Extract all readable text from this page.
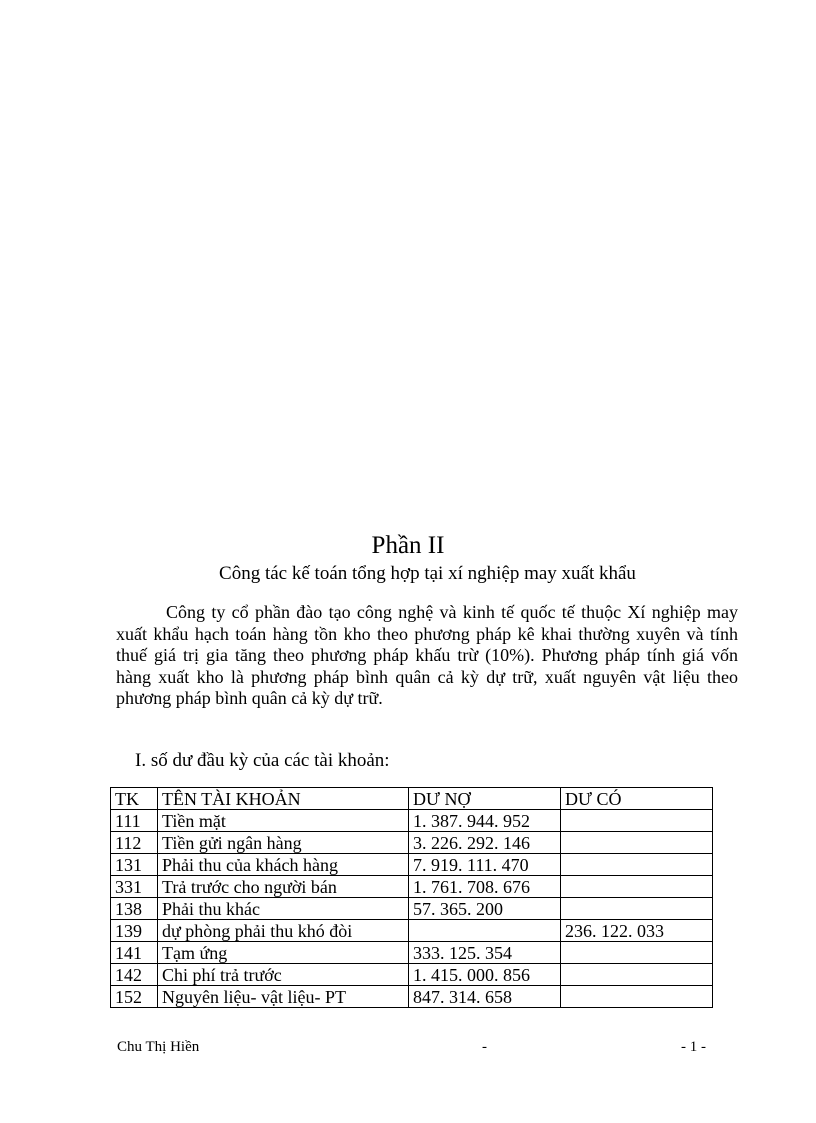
Phần II
Công tác kế toán tổng hợp tại xí nghiệp may xuất khẩu

Công ty cổ phần đào tạo công nghệ và kinh tế quốc tế thuộc Xí nghiệp may xuất khẩu hạch toán hàng tồn kho theo phương pháp kê khai thường xuyên và tính thuế giá trị gia tăng theo phương pháp khấu trừ (10%). Phương pháp tính giá vốn hàng xuất kho là phương pháp bình quân cả kỳ dự trữ, xuất nguyên vật liệu theo phương pháp bình quân cả kỳ dự trữ.

I. số dư đầu kỳ của các tài khoản:
TK	TÊN TÀI KHOẢN	DƯ NỢ	DƯ CÓ
111	Tiền mặt	1. 387. 944. 952	
112	Tiền gửi ngân hàng	3. 226. 292. 146	
131	Phải thu của khách hàng	7. 919. 111. 470	
331	Trả trước cho người bán	1. 761. 708. 676	
138	Phải thu khác	57. 365. 200	
139	dự phòng phải thu khó đòi		236. 122. 033
141	Tạm ứng	333. 125. 354	
142	Chi phí trả trước	1. 415. 000. 856	
152	Nguyên liệu- vật liệu- PT	847. 314. 658	
Chu Thị Hiền	-	- 1 -
